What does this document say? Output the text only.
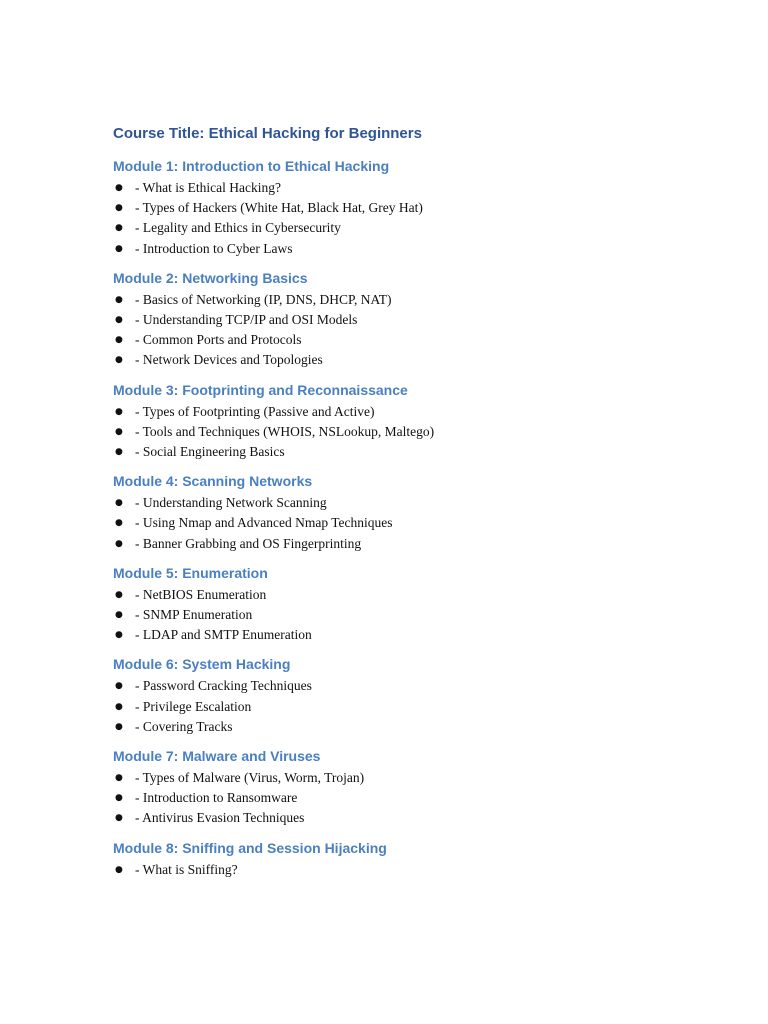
Course Title: Ethical Hacking for Beginners
Module 1: Introduction to Ethical Hacking
● - What is Ethical Hacking?
● - Types of Hackers (White Hat, Black Hat, Grey Hat)
● - Legality and Ethics in Cybersecurity
● - Introduction to Cyber Laws
Module 2: Networking Basics
● - Basics of Networking (IP, DNS, DHCP, NAT)
● - Understanding TCP/IP and OSI Models
● - Common Ports and Protocols
● - Network Devices and Topologies
Module 3: Footprinting and Reconnaissance
● - Types of Footprinting (Passive and Active)
● - Tools and Techniques (WHOIS, NSLookup, Maltego)
● - Social Engineering Basics
Module 4: Scanning Networks
● - Understanding Network Scanning
● - Using Nmap and Advanced Nmap Techniques
● - Banner Grabbing and OS Fingerprinting
Module 5: Enumeration
● - NetBIOS Enumeration
● - SNMP Enumeration
● - LDAP and SMTP Enumeration
Module 6: System Hacking
● - Password Cracking Techniques
● - Privilege Escalation
● - Covering Tracks
Module 7: Malware and Viruses
● - Types of Malware (Virus, Worm, Trojan)
● - Introduction to Ransomware
● - Antivirus Evasion Techniques
Module 8: Sniffing and Session Hijacking
● - What is Sniffing?
